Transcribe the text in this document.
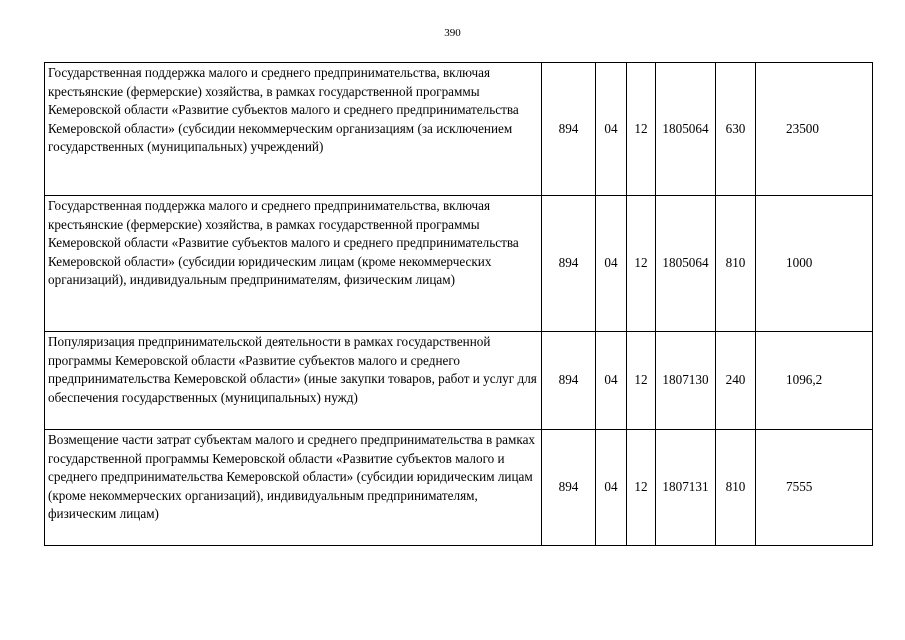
390
Государственная поддержка малого и среднего предпринимательства, включая крестьянские (фермерские) хозяйства, в рамках государственной программы Кемеровской области «Развитие субъектов малого и среднего предпринимательства Кемеровской области» (субсидии некоммерческим организациям (за исключением государственных (муниципальных) учреждений)	894	04	12	1805064	630	23500
Государственная поддержка малого и среднего предпринимательства, включая крестьянские (фермерские) хозяйства, в рамках государственной программы Кемеровской области «Развитие субъектов малого и среднего предпринимательства Кемеровской области» (субсидии юридическим лицам (кроме некоммерческих организаций), индивидуальным предпринимателям, физическим лицам)	894	04	12	1805064	810	1000
Популяризация предпринимательской деятельности в рамках государственной программы Кемеровской области «Развитие субъектов малого и среднего предпринимательства Кемеровской области» (иные закупки товаров, работ и услуг для обеспечения государственных (муниципальных) нужд)	894	04	12	1807130	240	1096,2
Возмещение части затрат субъектам малого и среднего предпринимательства в рамках государственной программы Кемеровской области «Развитие субъектов малого и среднего предпринимательства Кемеровской области» (субсидии юридическим лицам (кроме некоммерческих организаций), индивидуальным предпринимателям, физическим лицам)	894	04	12	1807131	810	7555
